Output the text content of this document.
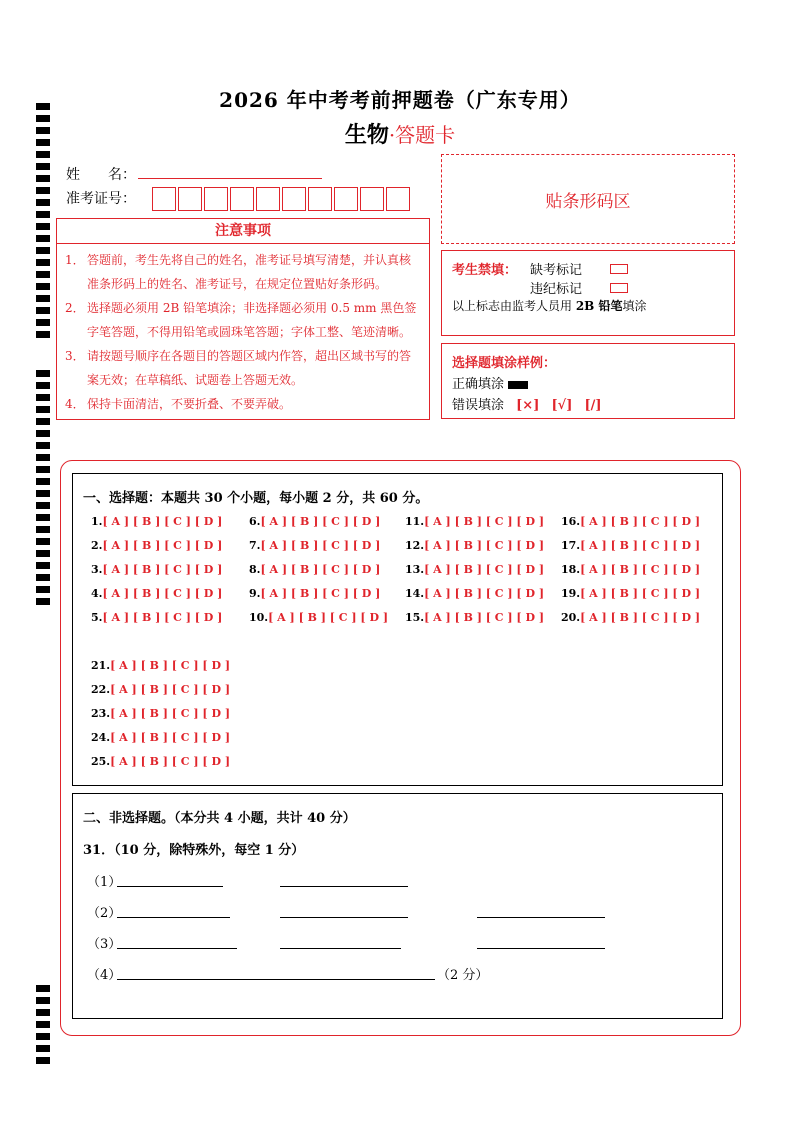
2026 年中考考前押题卷（广东专用）
生物·答题卡
姓　　名：
准考证号：	贴条形码区
注意事项
1． 答题前，考生先将自己的姓名，准考证号填写清楚，并认真核准条形码上的姓名、准考证号，在规定位置贴好条形码。
2． 选择题必须用 2B 铅笔填涂；非选择题必须用 0.5 mm 黑色签字笔答题，不得用铅笔或圆珠笔答题；字体工整、笔迹清晰。
3． 请按题号顺序在各题目的答题区域内作答，超出区域书写的答案无效；在草稿纸、试题卷上答题无效。
4． 保持卡面清洁，不要折叠、不要弄破。
考生禁填： 缺考标记
违纪标记
以上标志由监考人员用 2B 铅笔填涂
选择题填涂样例：
正确填涂
错误填涂 [×] [√] [/]
一、选择题：本题共 30 个小题，每小题 2 分，共 60 分。
1.[ A ] [ B ] [ C ] [ D ]
2.[ A ] [ B ] [ C ] [ D ]
3.[ A ] [ B ] [ C ] [ D ]
4.[ A ] [ B ] [ C ] [ D ]
5.[ A ] [ B ] [ C ] [ D ]
6.[ A ] [ B ] [ C ] [ D ]
7.[ A ] [ B ] [ C ] [ D ]
8.[ A ] [ B ] [ C ] [ D ]
9.[ A ] [ B ] [ C ] [ D ]
10.[ A ] [ B ] [ C ] [ D ]
11.[ A ] [ B ] [ C ] [ D ]
12.[ A ] [ B ] [ C ] [ D ]
13.[ A ] [ B ] [ C ] [ D ]
14.[ A ] [ B ] [ C ] [ D ]
15.[ A ] [ B ] [ C ] [ D ]
16.[ A ] [ B ] [ C ] [ D ]
17.[ A ] [ B ] [ C ] [ D ]
18.[ A ] [ B ] [ C ] [ D ]
19.[ A ] [ B ] [ C ] [ D ]
20.[ A ] [ B ] [ C ] [ D ]
21.[ A ] [ B ] [ C ] [ D ]
22.[ A ] [ B ] [ C ] [ D ]
23.[ A ] [ B ] [ C ] [ D ]
24.[ A ] [ B ] [ C ] [ D ]
25.[ A ] [ B ] [ C ] [ D ]
二、非选择题。（本分共 4 小题，共计 40 分）
31．（10 分，除特殊外，每空 1 分）
（1）
（2）
（3）
（4）	（2 分）
